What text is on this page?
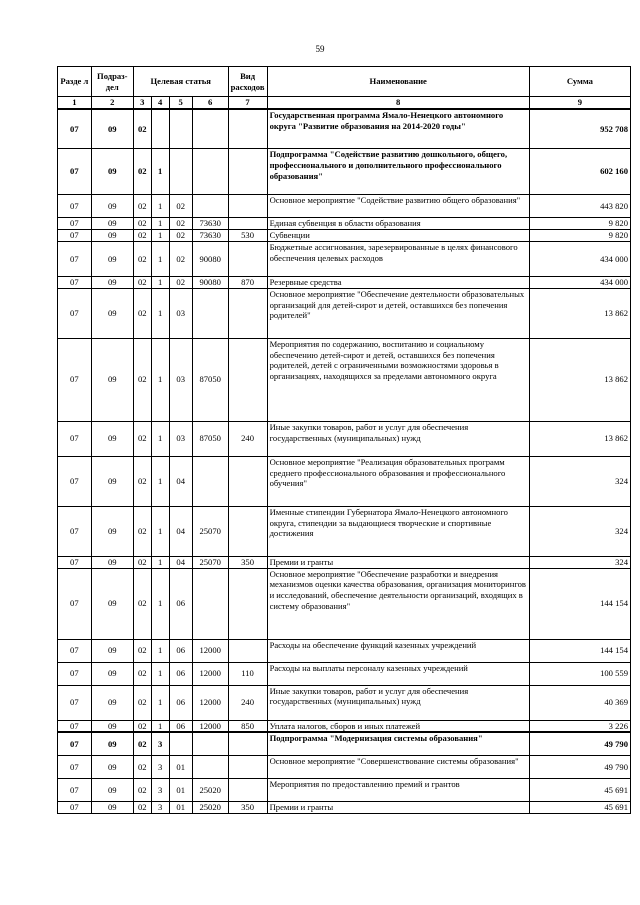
59
Разде л	Подраз- дел	Целевая статья				Вид расходов	Наименование	Сумма
1	2	3	4	5	6	7	8	9
07	09	02					Государственная программа Ямало-Ненецкого автономного округа "Развитие образования на 2014-2020 годы"	952 708
07	09	02	1				Подпрограмма "Содействие развитию дошкольного, общего, профессионального и дополнительного профессионального образования"	602 160
07	09	02	1	02			Основное мероприятие "Содействие развитию общего образования"	443 820
07	09	02	1	02	73630		Единая субвенция в области образования	9 820
07	09	02	1	02	73630	530	Субвенции	9 820
07	09	02	1	02	90080		Бюджетные ассигнования, зарезервированные в целях финансового обеспечения целевых расходов	434 000
07	09	02	1	02	90080	870	Резервные средства	434 000
07	09	02	1	03			Основное мероприятие "Обеспечение деятельности образовательных организаций для детей-сирот и детей, оставшихся без попечения родителей"	13 862
07	09	02	1	03	87050		Мероприятия по содержанию, воспитанию и социальному обеспечению детей-сирот и детей, оставшихся без попечения родителей, детей с ограниченными возможностями здоровья в организациях, находящихся за пределами автономного округа	13 862
07	09	02	1	03	87050	240	Иные закупки товаров, работ и услуг для обеспечения государственных (муниципальных) нужд	13 862
07	09	02	1	04			Основное мероприятие "Реализация образовательных программ среднего профессионального образования и профессионального обучения"	324
07	09	02	1	04	25070		Именные стипендии Губернатора Ямало-Ненецкого автономного округа, стипендии за выдающиеся творческие и спортивные достижения	324
07	09	02	1	04	25070	350	Премии и гранты	324
07	09	02	1	06			Основное мероприятие "Обеспечение разработки и внедрения механизмов оценки качества образования, организация мониторингов и исследований, обеспечение деятельности организаций, входящих в систему образования"	144 154
07	09	02	1	06	12000		Расходы на обеспечение функций казенных учреждений	144 154
07	09	02	1	06	12000	110	Расходы на выплаты персоналу казенных учреждений	100 559
07	09	02	1	06	12000	240	Иные закупки товаров, работ и услуг для обеспечения государственных (муниципальных) нужд	40 369
07	09	02	1	06	12000	850	Уплата налогов, сборов и иных платежей	3 226
07	09	02	3				Подпрограмма "Модернизация системы образования"	49 790
07	09	02	3	01			Основное мероприятие "Совершенствование системы образования"	49 790
07	09	02	3	01	25020		Мероприятия по предоставлению премий и грантов	45 691
07	09	02	3	01	25020	350	Премии и гранты	45 691
